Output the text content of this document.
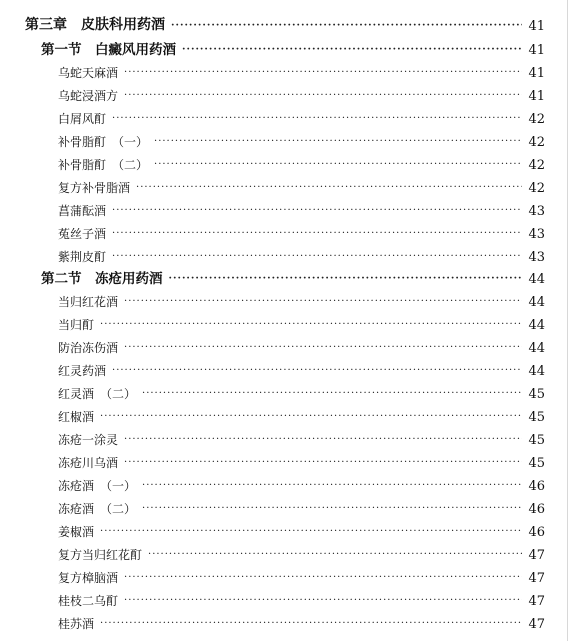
第三章　皮肤科用药酒 ·····	41
第一节　白癜风用药酒 ·····	41
乌蛇天麻酒 ·····	41
乌蛇浸酒方 ·····	41
白屑风酊 ·····	42
补骨脂酊　（一） ·····	42
补骨脂酊　（二） ·····	42
复方补骨脂酒 ·····	42
菖蒲酝酒 ·····	43
菟丝子酒 ·····	43
紫荆皮酊 ·····	43
第二节　冻疮用药酒 ·····	44
当归红花酒 ·····	44
当归酊 ·····	44
防治冻伤酒 ·····	44
红灵药酒 ·····	44
红灵酒　（二） ·····	45
红椒酒 ·····	45
冻疮一涂灵 ·····	45
冻疮川乌酒 ·····	45
冻疮酒　（一） ·····	46
冻疮酒　（二） ·····	46
姜椒酒 ·····	46
复方当归红花酊 ·····	47
复方樟脑酒 ·····	47
桂枝二乌酊 ·····	47
桂苏酒 ·····	47
